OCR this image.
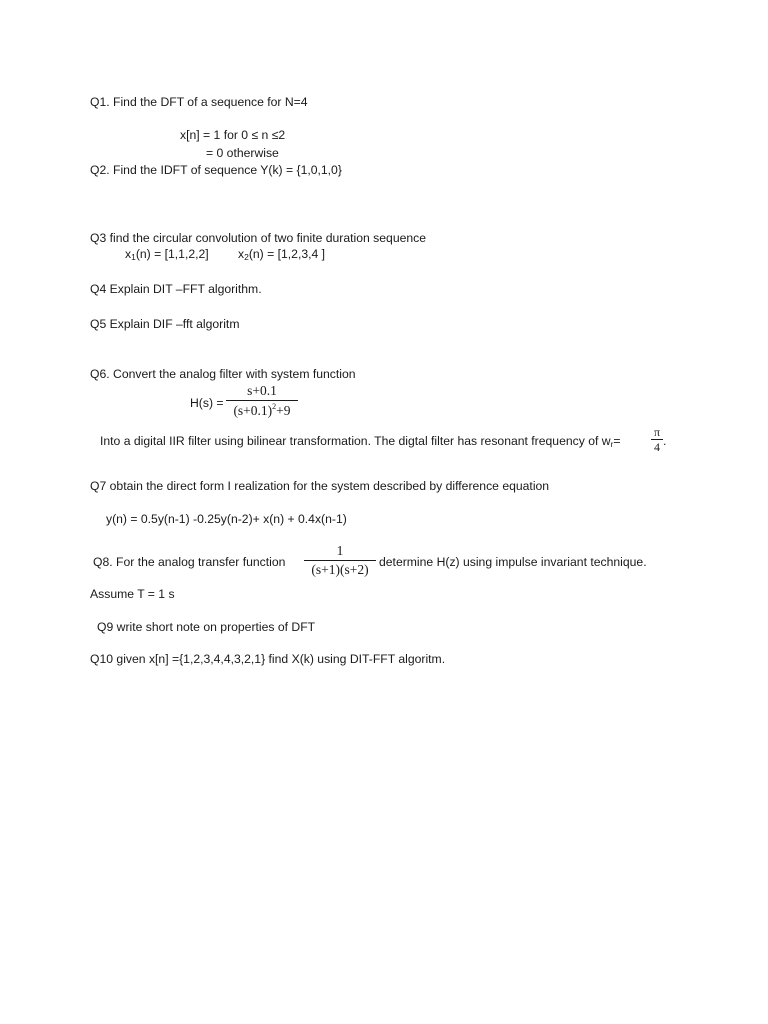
Q1. Find the DFT of a sequence for N=4
x[n] = 1 for 0 ≤ n ≤2
= 0 otherwise
Q2. Find the IDFT of sequence Y(k) = {1,0,1,0}
Q3 find the circular convolution of two finite duration sequence
$x_1(n) = [1,1,2,2] x_2(n) = [1,2,3,4$ ]
Q4 Explain DIT –FFT algorithm.
Q5 Explain DIF –fft algoritm
Q6. Convert the analog filter with system function
H(s) =
s+0.1
$(s+0.1)^2+9$
Into a digital IIR filter using bilinear transformation. The digtal filter has resonant frequency of $w_r=$
π
4 .
Q7 obtain the direct form I realization for the system described by difference equation
y(n) = 0.5y(n-1) -0.25y(n-2)+ x(n) + 0.4x(n-1)
Q8. For the analog transfer function
1
(s+1)(s+2) determine H(z) using impulse invariant technique.
Assume T = 1 s
Q9 write short note on properties of DFT
Q10 given x[n] ={1,2,3,4,4,3,2,1} find X(k) using DIT-FFT algoritm.
